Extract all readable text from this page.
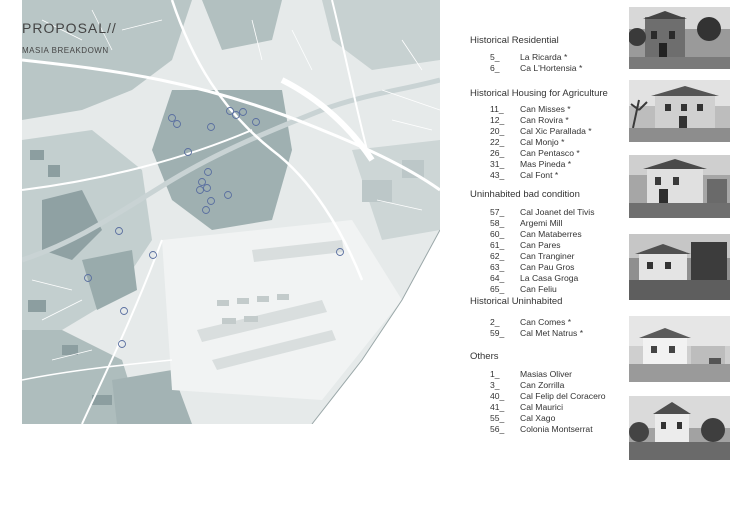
PROPOSAL//
MASIA BREAKDOWN
Historical Residential
5_ La Ricarda *
6_ Ca L'Hortensia *
Historical Housing for Agriculture
11_ Can Misses *
12_ Can Rovira *
20_ Cal Xic Parallada *
22_ Cal Monjo *
26_ Can Pentasco *
31_ Mas Pineda *
43_ Cal Font *
Uninhabited bad condition
57_ Cal Joanet del Tivis
58_ Argemi Mill
60_ Can Mataberres
61_ Can Pares
62_ Can Tranginer
63_ Can Pau Gros
64_ La Casa Groga
65_ Can Feliu
Historical Uninhabited
2_ Can Comes *
59_ Cal Met Natrus *
Others
1_ Masias Oliver
3_ Can Zorrilla
40_ Cal Felip del Coracero
41_ Cal Maurici
55_ Cal Xago
56_ Colonia Montserrat
